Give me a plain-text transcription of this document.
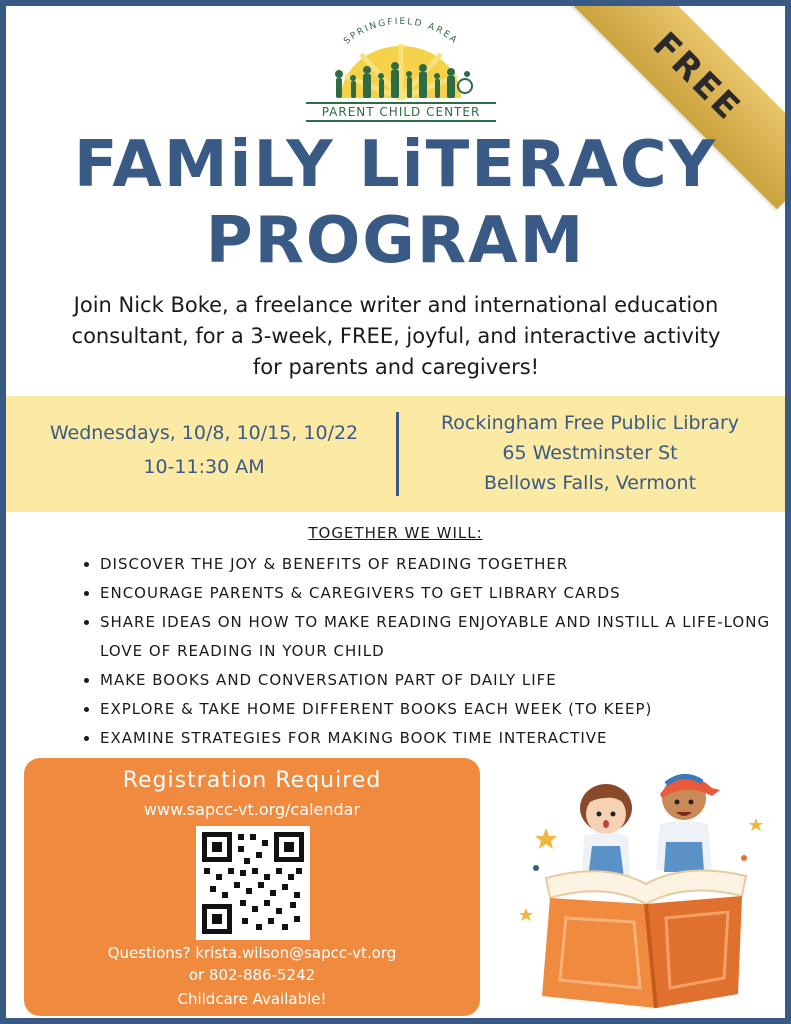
FREE
SPRINGFIELD AREA
PARENT CHILD CENTER
FAMiLY LiTERACY
PROGRAM
Join Nick Boke, a freelance writer and international education
consultant, for a 3-week, FREE, joyful, and interactive activity
for parents and caregivers!
Wednesdays, 10/8, 10/15, 10/22
10-11:30 AM
Rockingham Free Public Library
65 Westminster St
Bellows Falls, Vermont
TOGETHER WE WILL:
• DISCOVER THE JOY & BENEFITS OF READING TOGETHER
• ENCOURAGE PARENTS & CAREGIVERS TO GET LIBRARY CARDS
• SHARE IDEAS ON HOW TO MAKE READING ENJOYABLE AND INSTILL A LIFE-LONG LOVE OF READING IN YOUR CHILD
• MAKE BOOKS AND CONVERSATION PART OF DAILY LIFE
• EXPLORE & TAKE HOME DIFFERENT BOOKS EACH WEEK (TO KEEP)
• EXAMINE STRATEGIES FOR MAKING BOOK TIME INTERACTIVE
Registration Required
www.sapcc-vt.org/calendar
Questions? krista.wilson@sapcc-vt.org
or 802-886-5242
Childcare Available!
